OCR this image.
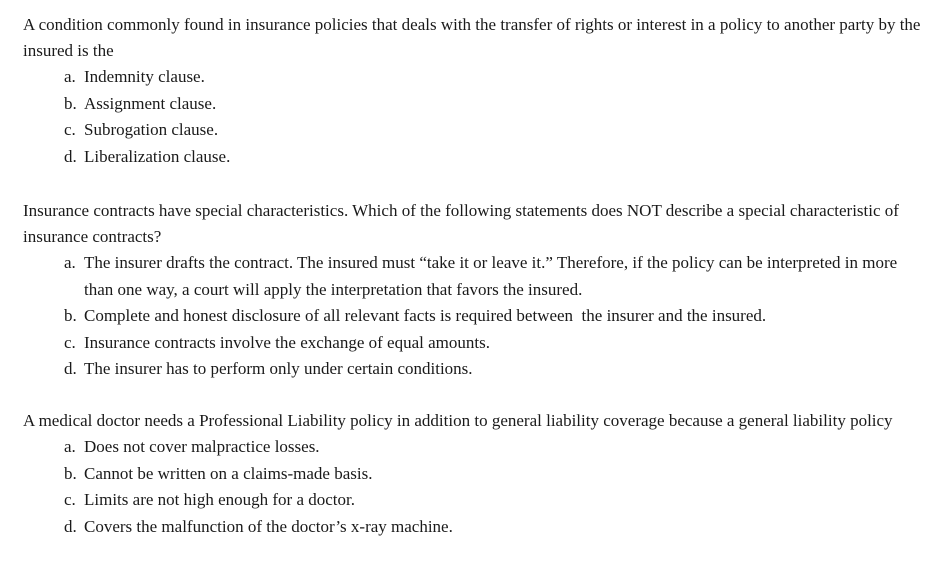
A condition commonly found in insurance policies that deals with the transfer of rights or interest in a policy to another party by the insured is the

a. Indemnity clause.
b. Assignment clause.
c. Subrogation clause.
d. Liberalization clause.

Insurance contracts have special characteristics. Which of the following statements does NOT describe a special characteristic of insurance contracts?

a. The insurer drafts the contract. The insured must “take it or leave it.” Therefore, if the policy can be interpreted in more than one way, a court will apply the interpretation that favors the insured.
b. Complete and honest disclosure of all relevant facts is required between  the insurer and the insured.
c. Insurance contracts involve the exchange of equal amounts.
d. The insurer has to perform only under certain conditions.

A medical doctor needs a Professional Liability policy in addition to general liability coverage because a general liability policy

a. Does not cover malpractice losses.
b. Cannot be written on a claims-made basis.
c. Limits are not high enough for a doctor.
d. Covers the malfunction of the doctor’s x-ray machine.
